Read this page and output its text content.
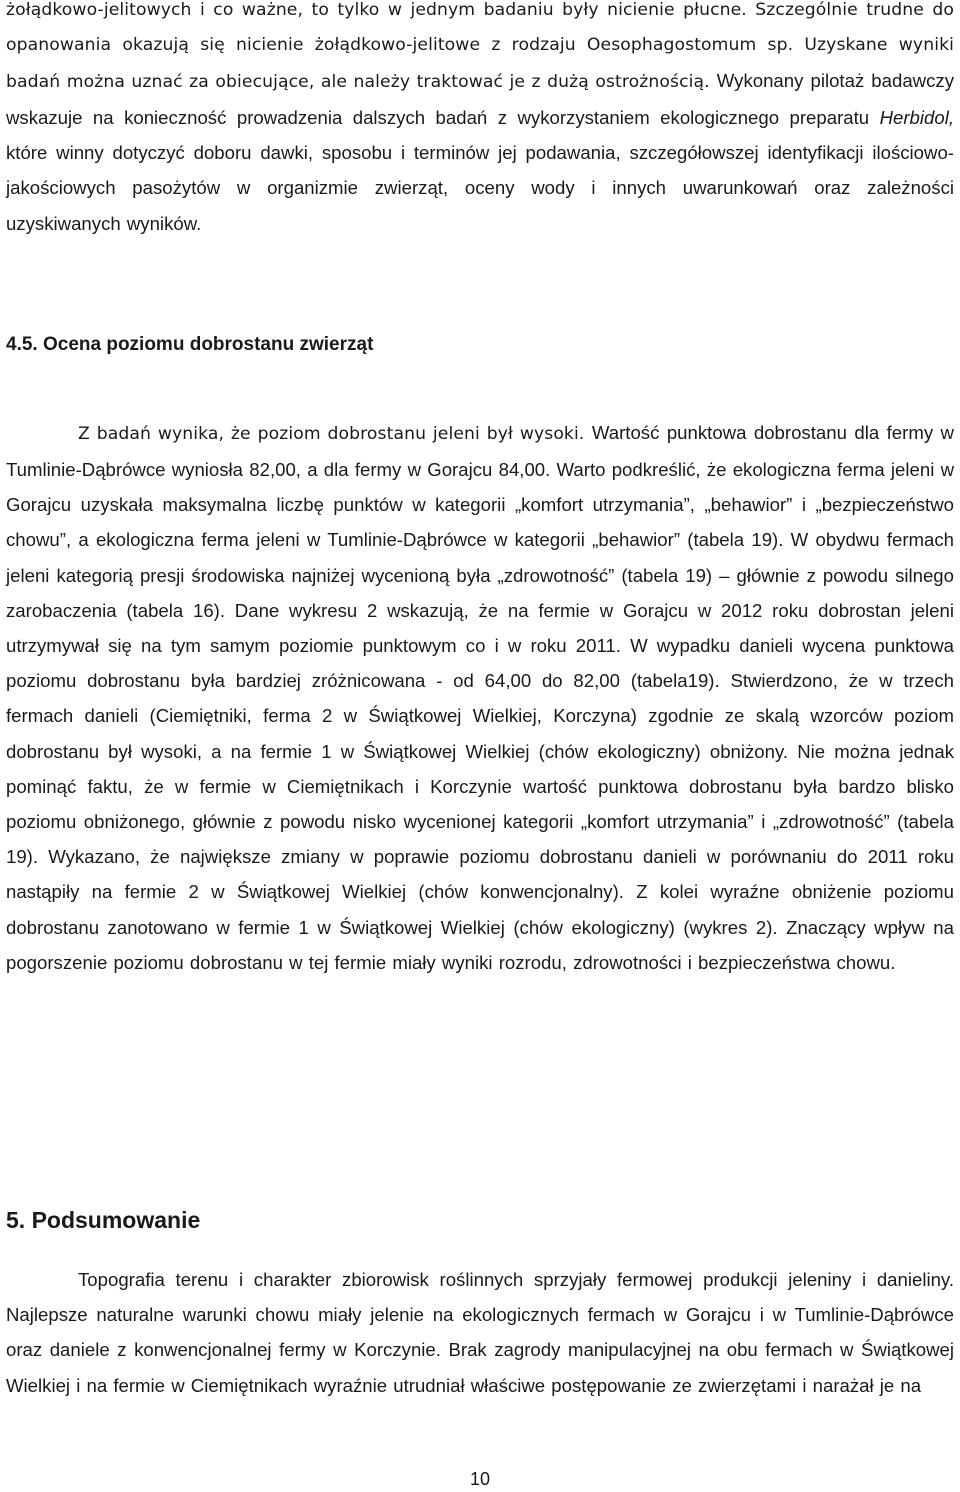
żołądkowo-jelitowych i co ważne, to tylko w jednym badaniu były nicienie płucne. Szczególnie trudne do opanowania okazują się nicienie żołądkowo-jelitowe z rodzaju Oesophagostomum sp. Uzyskane wyniki badań można uznać za obiecujące, ale należy traktować je z dużą ostrożnością. Wykonany pilotaż badawczy wskazuje na konieczność prowadzenia dalszych badań z wykorzystaniem ekologicznego preparatu Herbidol, które winny dotyczyć doboru dawki, sposobu i terminów jej podawania, szczegółowszej identyfikacji ilościowo-jakościowych pasożytów w organizmie zwierząt, oceny wody i innych uwarunkowań oraz zależności uzyskiwanych wyników.

4.5. Ocena poziomu dobrostanu zwierząt

Z badań wynika, że poziom dobrostanu jeleni był wysoki. Wartość punktowa dobrostanu dla fermy w Tumlinie-Dąbrówce wyniosła 82,00, a dla fermy w Gorajcu 84,00. Warto podkreślić, że ekologiczna ferma jeleni w Gorajcu uzyskała maksymalna liczbę punktów w kategorii „komfort utrzymania”, „behawior” i „bezpieczeństwo chowu”, a ekologiczna ferma jeleni w Tumlinie-Dąbrówce w kategorii „behawior” (tabela 19). W obydwu fermach jeleni kategorią presji środowiska najniżej wycenioną była „zdrowotność” (tabela 19) – głównie z powodu silnego zarobaczenia (tabela 16). Dane wykresu 2 wskazują, że na fermie w Gorajcu w 2012 roku dobrostan jeleni utrzymywał się na tym samym poziomie punktowym co i w roku 2011. W wypadku danieli wycena punktowa poziomu dobrostanu była bardziej zróżnicowana - od 64,00 do 82,00 (tabela19). Stwierdzono, że w trzech fermach danieli (Ciemiętniki, ferma 2 w Świątkowej Wielkiej, Korczyna) zgodnie ze skalą wzorców poziom dobrostanu był wysoki, a na fermie 1 w Świątkowej Wielkiej (chów ekologiczny) obniżony. Nie można jednak pominąć faktu, że w fermie w Ciemiętnikach i Korczynie wartość punktowa dobrostanu była bardzo blisko poziomu obniżonego, głównie z powodu nisko wycenionej kategorii „komfort utrzymania” i „zdrowotność” (tabela 19). Wykazano, że największe zmiany w poprawie poziomu dobrostanu danieli w porównaniu do 2011 roku nastąpiły na fermie 2 w Świątkowej Wielkiej (chów konwencjonalny). Z kolei wyraźne obniżenie poziomu dobrostanu zanotowano w fermie 1 w Świątkowej Wielkiej (chów ekologiczny) (wykres 2). Znaczący wpływ na pogorszenie poziomu dobrostanu w tej fermie miały wyniki rozrodu, zdrowotności i bezpieczeństwa chowu.

5. Podsumowanie

Topografia terenu i charakter zbiorowisk roślinnych sprzyjały fermowej produkcji jeleniny i danieliny. Najlepsze naturalne warunki chowu miały jelenie na ekologicznych fermach w Gorajcu i w Tumlinie-Dąbrówce oraz daniele z konwencjonalnej fermy w Korczynie. Brak zagrody manipulacyjnej na obu fermach w Świątkowej Wielkiej i na fermie w Ciemiętnikach wyraźnie utrudniał właściwe postępowanie ze zwierzętami i narażał je na

10
